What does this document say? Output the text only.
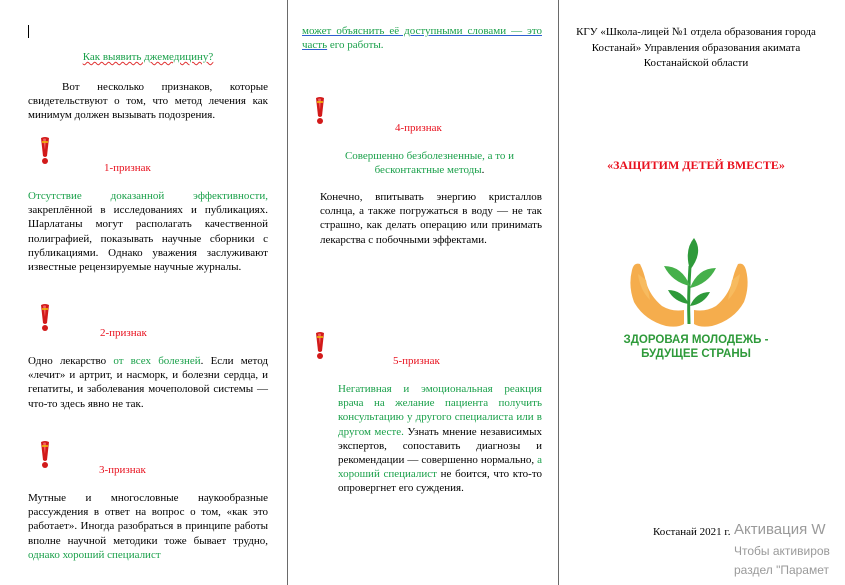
Как выявить джемедицину?
Вот несколько признаков, которые свидетельствуют о том, что метод лечения как минимум должен вызывать подозрения.
1-признак
Отсутствие доказанной эффективности, закреплённой в исследованиях и публикациях. Шарлатаны могут располагать качественной полиграфией, показывать научные сборники с публикациями. Однако уважения заслуживают известные рецензируемые научные журналы.
2-признак
Одно лекарство от всех болезней. Если метод «лечит» и артрит, и насморк, и болезни сердца, и гепатиты, и заболевания мочеполовой системы — что-то здесь явно не так.
3-признак
Мутные и многословные наукообразные рассуждения в ответ на вопрос о том, «как это работает». Иногда разобраться в принципе работы вполне научной методики тоже бывает трудно, однако хороший специалист
может объяснить её доступными словами — это часть его работы.
4-признак
Совершенно безболезненные, а то и бесконтактные методы.
Конечно, впитывать энергию кристаллов солнца, а также погружаться в воду — не так страшно, как делать операцию или принимать лекарства с побочными эффектами.
5-признак
Негативная и эмоциональная реакция врача на желание пациента получить консультацию у другого специалиста или в другом месте. Узнать мнение независимых экспертов, сопоставить диагнозы и рекомендации — совершенно нормально, а хороший специалист не боится, что кто-то опровергнет его суждения.
КГУ «Школа-лицей №1 отдела образования города Костанай» Управления образования акимата Костанайской области
«ЗАЩИТИМ ДЕТЕЙ ВМЕСТЕ»
ЗДОРОВАЯ МОЛОДЕЖЬ -
БУДУЩЕЕ СТРАНЫ
Костанай 2021 г. Активация W
Чтобы активиров
раздел "Парамет
